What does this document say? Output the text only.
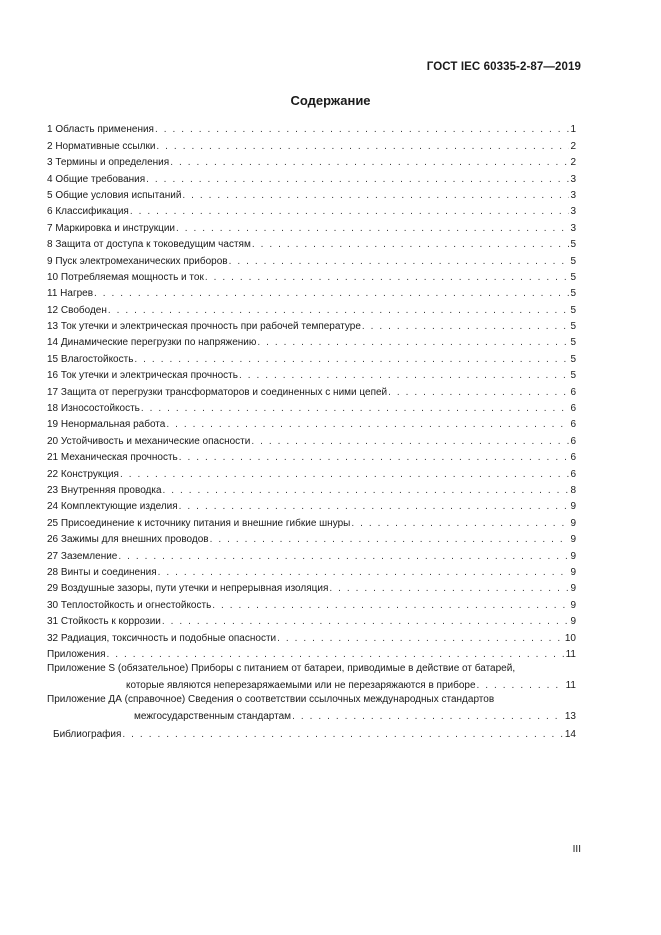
ГОСТ IEC 60335-2-87—2019
Содержание
1 Область применения . . .	1
2 Нормативные ссылки . . .	2
3 Термины и определения . . .	2
4 Общие требования . . .	3
5 Общие условия испытаний . . .	3
6 Классификация . . .	3
7 Маркировка и инструкции . . .	3
8 Защита от доступа к токоведущим частям . . .	5
9 Пуск электромеханических приборов . . .	5
10 Потребляемая мощность и ток . . .	5
11 Нагрев . . .	5
12 Свободен . . .	5
13 Ток утечки и электрическая прочность при рабочей температуре . . .	5
14 Динамические перегрузки по напряжению . . .	5
15 Влагостойкость . . .	5
16 Ток утечки и электрическая прочность . . .	5
17 Защита от перегрузки трансформаторов и соединенных с ними цепей . . .	6
18 Износостойкость . . .	6
19 Ненормальная работа . . .	6
20 Устойчивость и механические опасности . . .	6
21 Механическая прочность . . .	6
22 Конструкция . . .	6
23 Внутренняя проводка . . .	8
24 Комплектующие изделия . . .	9
25 Присоединение к источнику питания и внешние гибкие шнуры . . .	9
26 Зажимы для внешних проводов . . .	9
27 Заземление . . .	9
28 Винты и соединения . . .	9
29 Воздушные зазоры, пути утечки и непрерывная изоляция . . .	9
30 Теплостойкость и огнестойкость . . .	9
31 Стойкость к коррозии . . .	9
32 Радиация, токсичность и подобные опасности . . .	10
Приложения . . .	11
Приложение S (обязательное) Приборы с питанием от батареи, приводимые в действие от батарей,
которые являются неперезаряжаемыми или не перезаряжаются в приборе . . .	11
Приложение ДА (справочное) Сведения о соответствии ссылочных международных стандартов
межгосударственным стандартам . . .	13
Библиография . . .	14
III
